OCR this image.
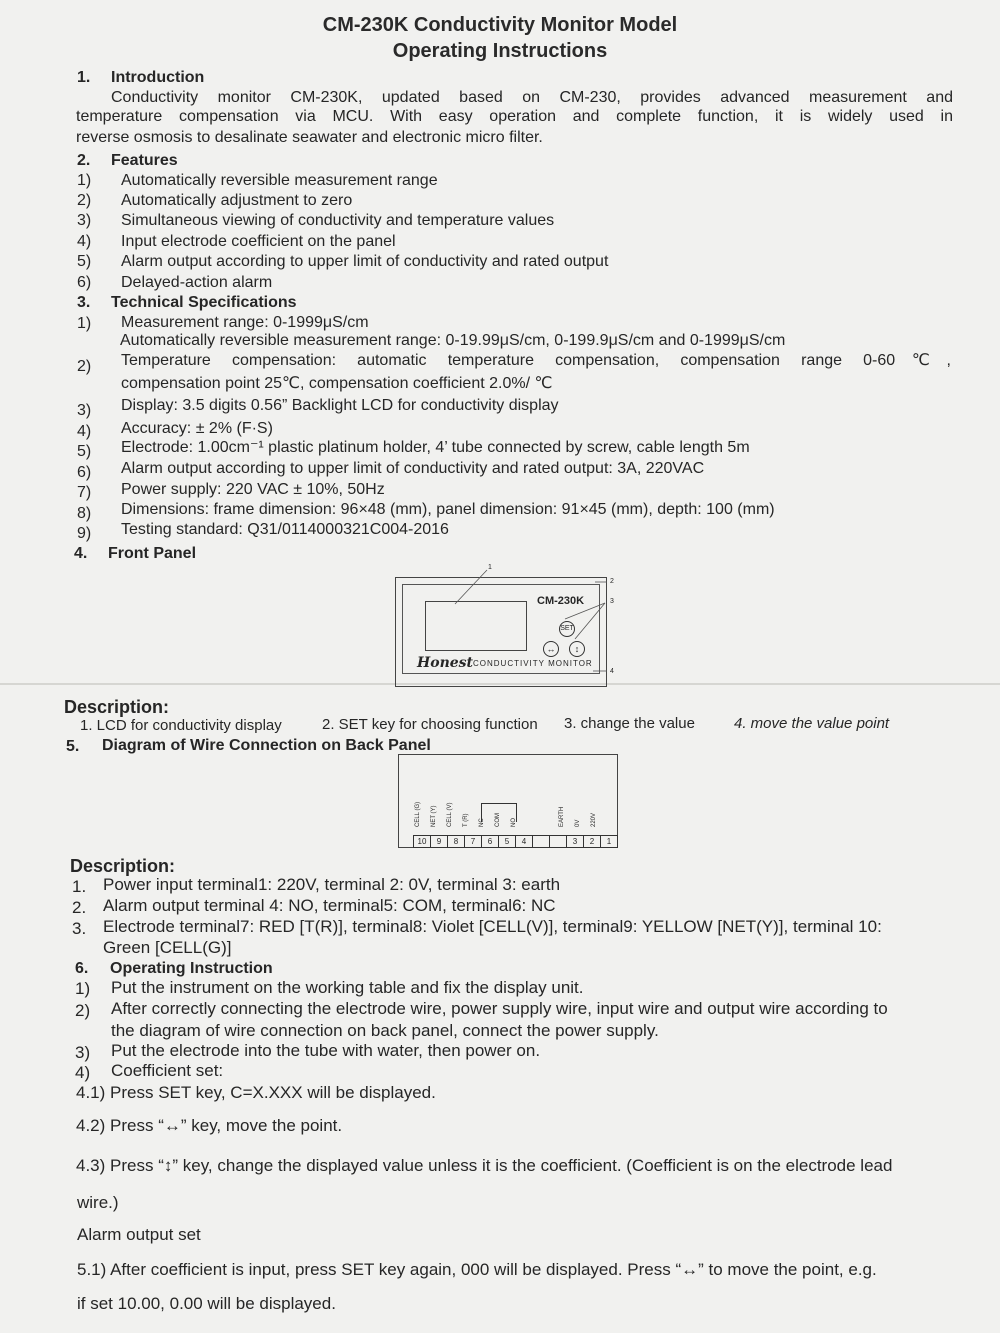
CM-230K Conductivity Monitor Model
Operating Instructions
1. Introduction
Conductivity monitor CM-230K, updated based on CM-230, provides advanced measurement and
temperature compensation via MCU. With easy operation and complete function, it is widely used in
reverse osmosis to desalinate seawater and electronic micro filter.
2. Features
1) Automatically reversible measurement range
2) Automatically adjustment to zero
3) Simultaneous viewing of conductivity and temperature values
4) Input electrode coefficient on the panel
5) Alarm output according to upper limit of conductivity and rated output
6) Delayed-action alarm
3. Technical Specifications
1) Measurement range: 0-1999μS/cm
Automatically reversible measurement range: 0-19.99μS/cm, 0-199.9μS/cm and 0-1999μS/cm
2) Temperature compensation: automatic temperature compensation, compensation range 0-60℃,
compensation point 25℃, compensation coefficient 2.0%/ ℃
3) Display: 3.5 digits 0.56” Backlight LCD for conductivity display
4) Accuracy: ± 2% (F·S)
5) Electrode: 1.00cm⁻¹ plastic platinum holder, 4’ tube connected by screw, cable length 5m
6) Alarm output according to upper limit of conductivity and rated output: 3A, 220VAC
7) Power supply: 220 VAC ± 10%, 50Hz
8) Dimensions: frame dimension: 96×48 (mm), panel dimension: 91×45 (mm), depth: 100 (mm)
9) Testing standard: Q31/0114000321C004-2016
4. Front Panel
CM-230K
SET
↔	↕
Honest CONDUCTIVITY MONITOR
1
2
3
4
Description:
1. LCD for conductivity display	2. SET key for choosing function 3. change the value	4. move the value point
5. Diagram of Wire Connection on Back Panel
CELL (G) NET (Y) CELL (V) T (R) NC COM NO	EARTH 0V 220V
10	9	8	7	6	5	4	3	2	1
Description:
1. Power input terminal1: 220V, terminal 2: 0V, terminal 3: earth
2. Alarm output terminal 4: NO, terminal5: COM, terminal6: NC
3. Electrode terminal7: RED [T(R)], terminal8: Violet [CELL(V)], terminal9: YELLOW [NET(Y)], terminal 10:
Green [CELL(G)]
6. Operating Instruction
1) Put the instrument on the working table and fix the display unit.
2) After correctly connecting the electrode wire, power supply wire, input wire and output wire according to
the diagram of wire connection on back panel, connect the power supply.
3) Put the electrode into the tube with water, then power on.
4) Coefficient set:
4.1) Press SET key, C=X.XXX will be displayed.
4.2) Press “↔” key, move the point.
4.3) Press “↕” key, change the displayed value unless it is the coefficient. (Coefficient is on the electrode lead
wire.)
Alarm output set
5.1) After coefficient is input, press SET key again, 000 will be displayed. Press “↔” to move the point, e.g.
if set 10.00, 0.00 will be displayed.
